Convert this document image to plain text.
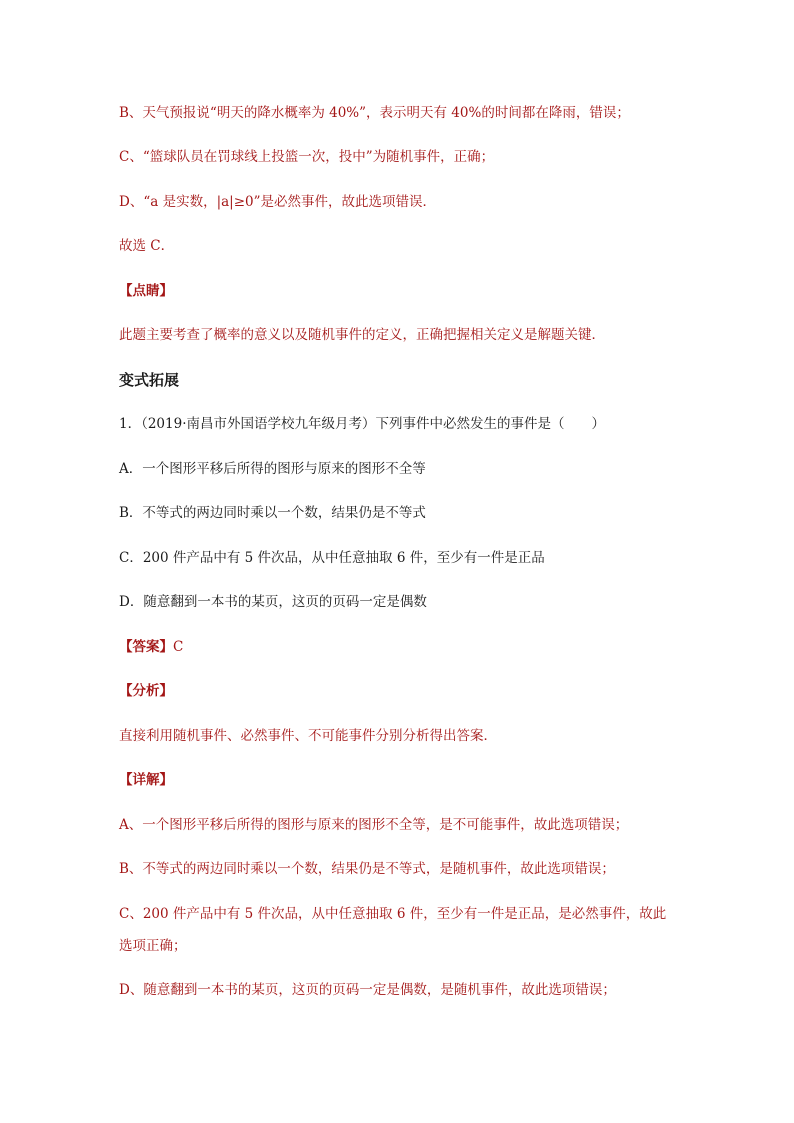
B、天气预报说“明天的降水概率为 40%”，表示明天有 40%的时间都在降雨，错误；
C、“篮球队员在罚球线上投篮一次，投中”为随机事件，正确；
D、“a 是实数，|a|≥0”是必然事件，故此选项错误．
故选 C．
【点睛】
此题主要考查了概率的意义以及随机事件的定义，正确把握相关定义是解题关键．
变式拓展
1．（2019·南昌市外国语学校九年级月考）下列事件中必然发生的事件是（　　）
A．一个图形平移后所得的图形与原来的图形不全等
B．不等式的两边同时乘以一个数，结果仍是不等式
C．200 件产品中有 5 件次品，从中任意抽取 6 件，至少有一件是正品
D．随意翻到一本书的某页，这页的页码一定是偶数
【答案】C
【分析】
直接利用随机事件、必然事件、不可能事件分别分析得出答案．
【详解】
A、一个图形平移后所得的图形与原来的图形不全等，是不可能事件，故此选项错误；
B、不等式的两边同时乘以一个数，结果仍是不等式，是随机事件，故此选项错误；
C、200 件产品中有 5 件次品，从中任意抽取 6 件，至少有一件是正品，是必然事件，故此
选项正确；
D、随意翻到一本书的某页，这页的页码一定是偶数，是随机事件，故此选项错误；
